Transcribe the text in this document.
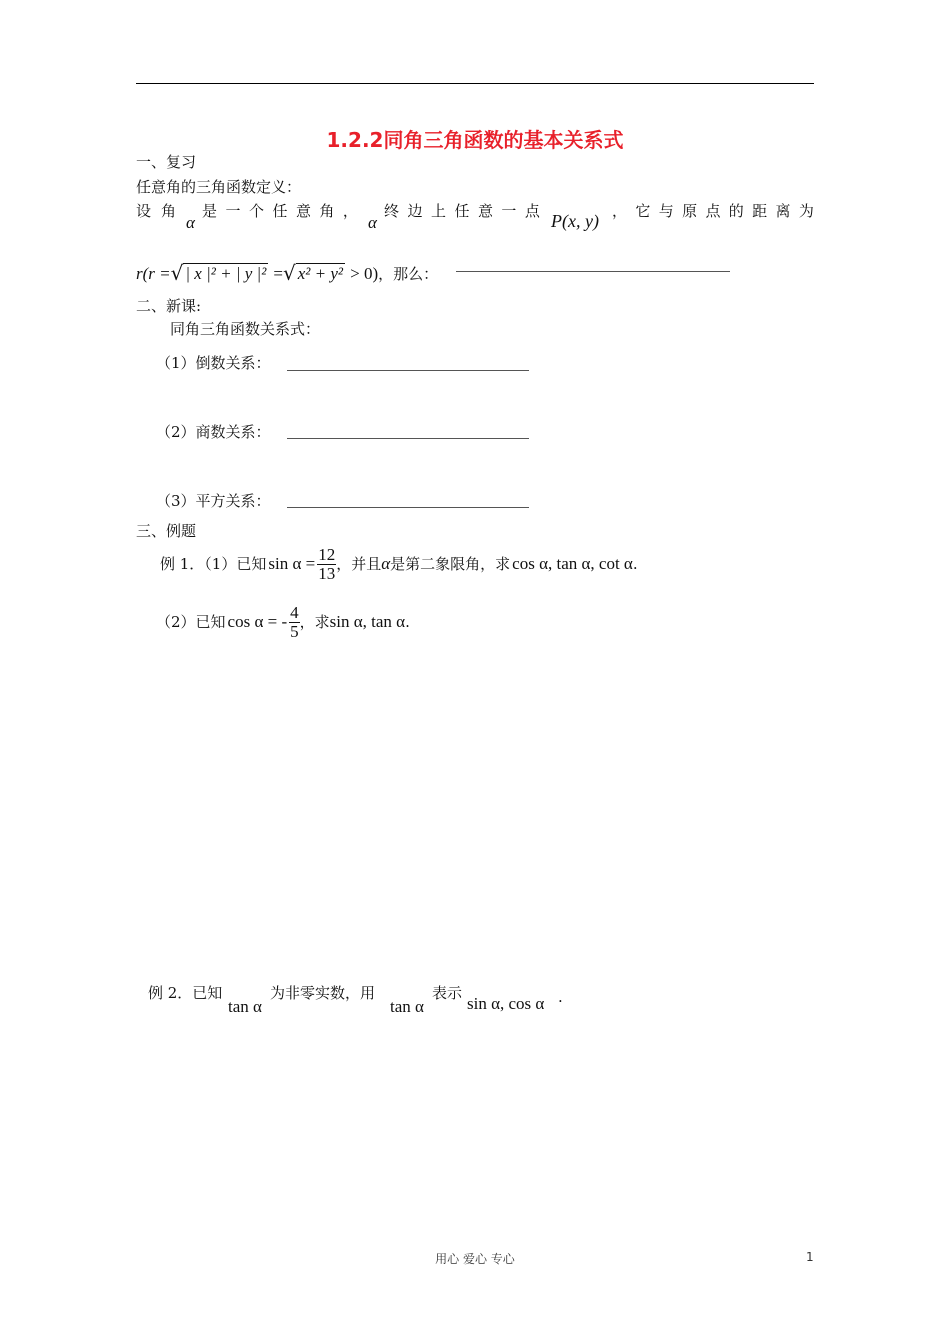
1.2.2同角三角函数的基本关系式
一、复习
任意角的三角函数定义：
设 角
α
是 一 个 任 意 角 ，
α
终 边 上 任 意 一 点 P(x, y) ， 它 与 原 点 的 距 离 为
r(r =√ | x |² + | y |² =√ x² + y² > 0)，那么：
二、新课:
同角三角函数关系式：
（1）倒数关系：
（2）商数关系：
（3）平方关系：
三、例题
例 1．（1）已知 $\sin \alpha = \frac{12}{13}$ ，并且 α 是第二象限角，求 cos α, tan α, cot α .
（2）已知 cos α = - $\frac{4}{5}$ ，求 sin α, tan α .
例 2．已知
tan α
为非零实数，用
tan α
表示
sin α, cos α .
用心 爱心 专心	1
